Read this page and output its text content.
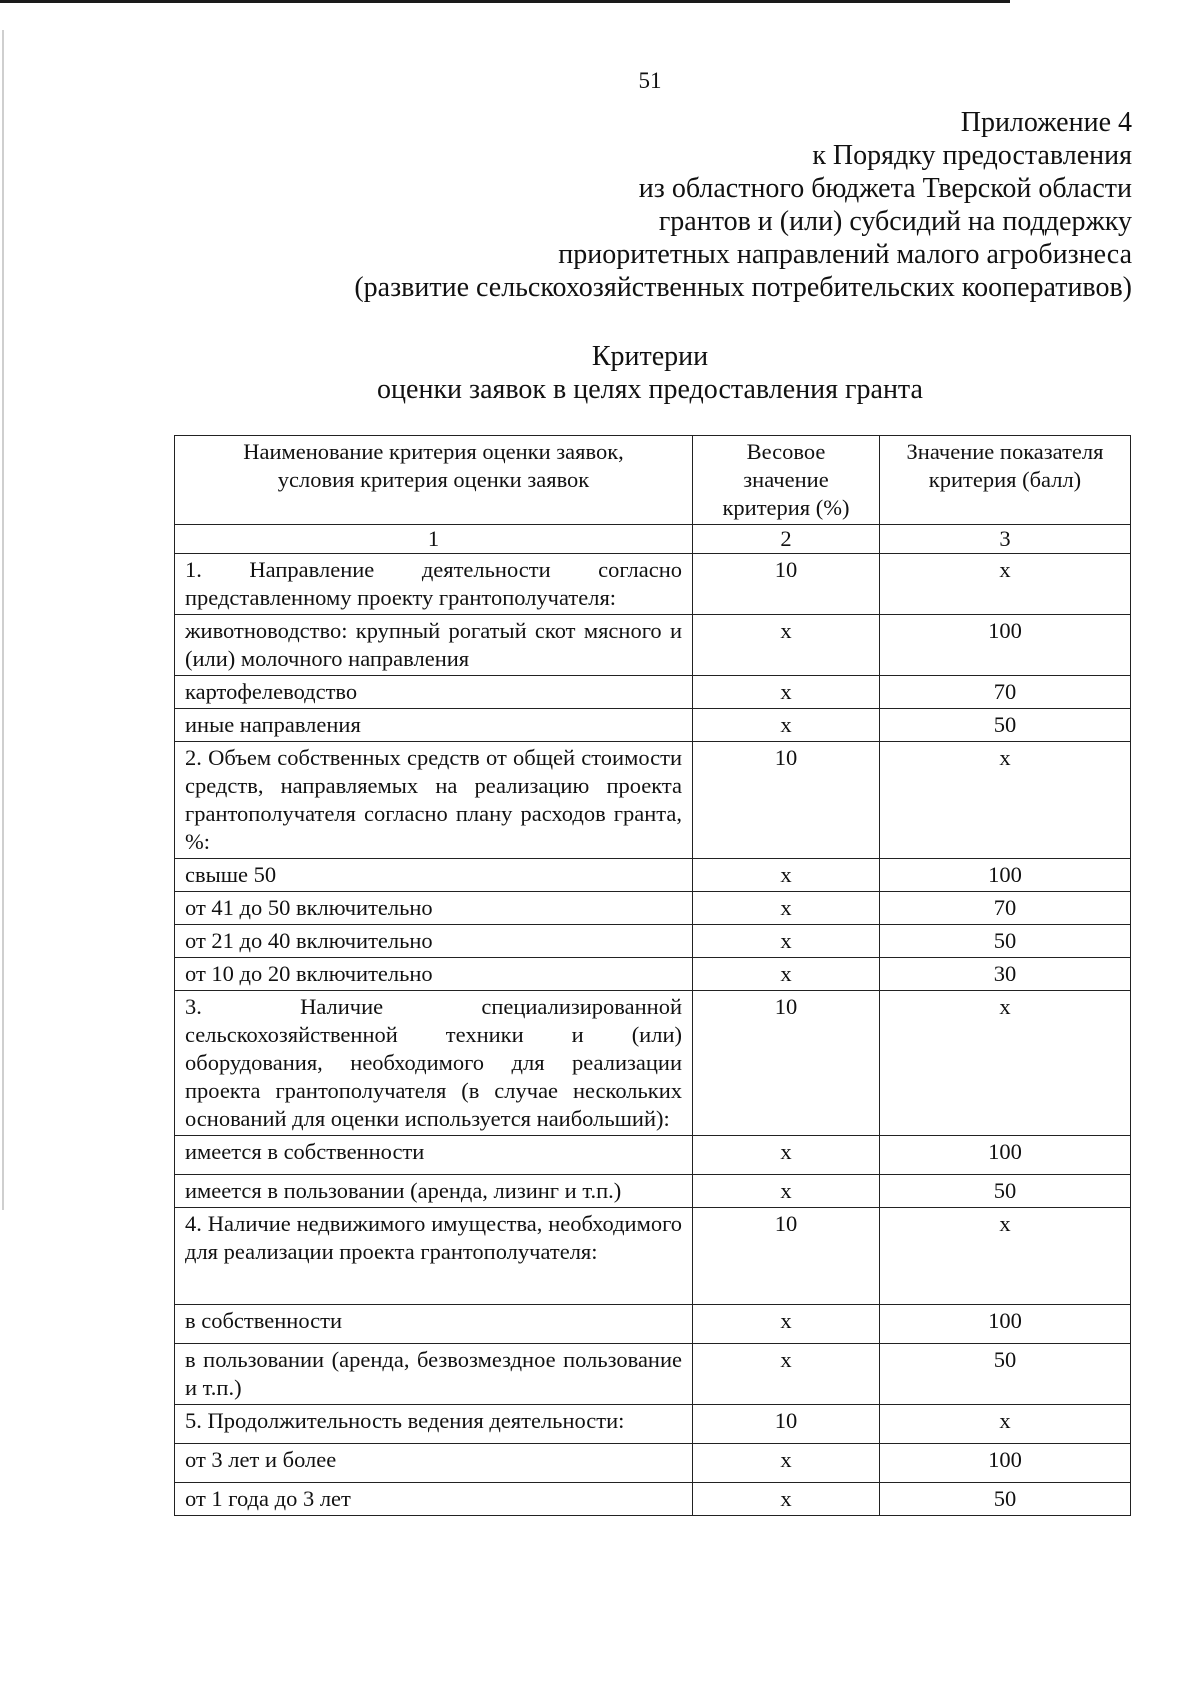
51
Приложение 4
к Порядку предоставления
из областного бюджета Тверской области
грантов и (или) субсидий на поддержку
приоритетных направлений малого агробизнеса
(развитие сельскохозяйственных потребительских кооперативов)
Критерии
оценки заявок в целях предоставления гранта
Наименование критерия оценки заявок, условия критерия оценки заявок	Весовое значение критерия (%)	Значение показателя критерия (балл)
1	2	3
1. Направление деятельности согласно представленному проекту грантополучателя:	10	х
животноводство: крупный рогатый скот мясного и (или) молочного направления	х	100
картофелеводство	х	70
иные направления	х	50
2. Объем собственных средств от общей стоимости средств, направляемых на реализацию проекта грантополучателя согласно плану расходов гранта, %:	10	х
свыше 50	х	100
от 41 до 50 включительно	х	70
от 21 до 40 включительно	х	50
от 10 до 20 включительно	х	30
3. Наличие специализированной сельскохозяйственной техники и (или) оборудования, необходимого для реализации проекта грантополучателя (в случае нескольких оснований для оценки используется наибольший):	10	х
имеется в собственности	х	100
имеется в пользовании (аренда, лизинг и т.п.)	х	50
4. Наличие недвижимого имущества, необходимого для реализации проекта грантополучателя:	10	х
в собственности	х	100
в пользовании (аренда, безвозмездное пользование и т.п.)	х	50
5. Продолжительность ведения деятельности:	10	х
от 3 лет и более	х	100
от 1 года до 3 лет	х	50
